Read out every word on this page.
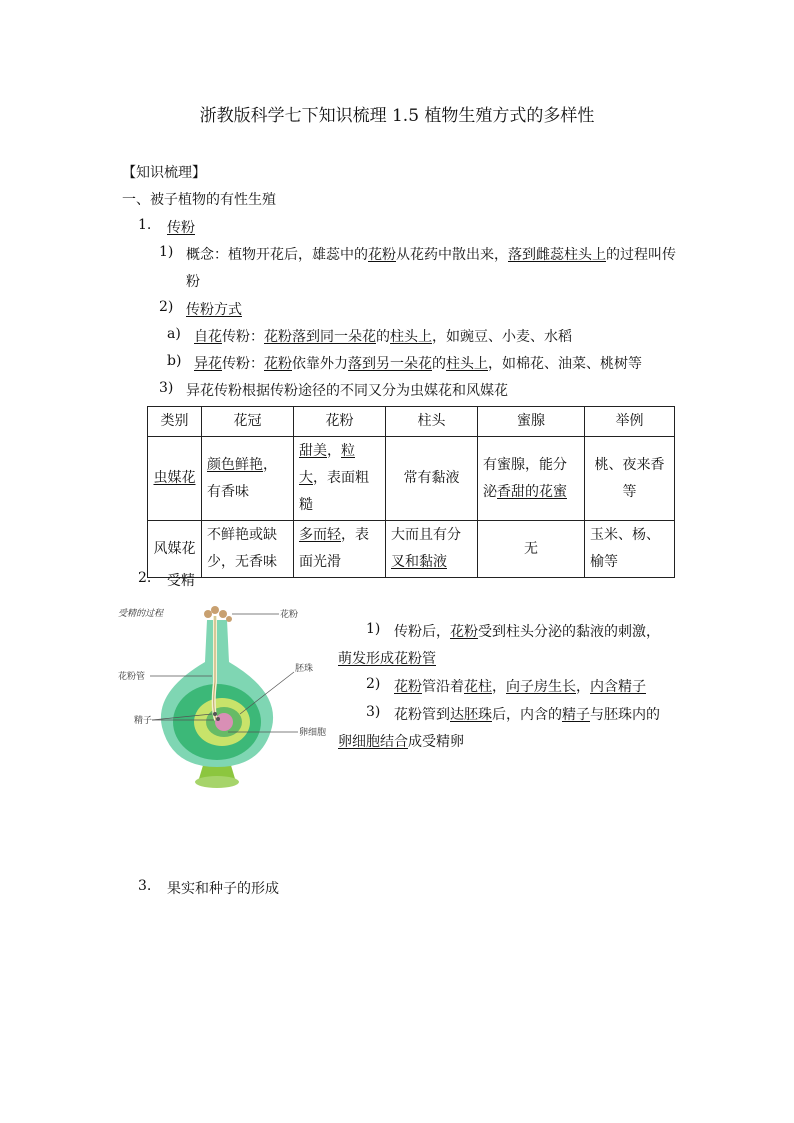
浙教版科学七下知识梳理 1.5 植物生殖方式的多样性
【知识梳理】
一、被子植物的有性生殖
1. 传粉
1) 概念：植物开花后，雄蕊中的花粉从花药中散出来，落到雌蕊柱头上的过程叫传
粉
2) 传粉方式
a) 自花传粉：花粉落到同一朵花的柱头上，如豌豆、小麦、水稻
b) 异花传粉：花粉依靠外力落到另一朵花的柱头上，如棉花、油菜、桃树等
3) 异花传粉根据传粉途径的不同又分为虫媒花和风媒花
类别	花冠	花粉	柱头	蜜腺	举例
虫媒花	颜色鲜艳，有香味	甜美，粒大，表面粗糙	常有黏液	有蜜腺，能分泌香甜的花蜜	桃、夜来香等
风媒花	不鲜艳或缺少，无香味	多而轻，表面光滑	大而且有分叉和黏液	无	玉米、杨、榆等
2. 受精
受精的过程	花粉
花粉管
胚珠
精子
卵细胞
1) 传粉后，花粉受到柱头分泌的黏液的刺激，
萌发形成花粉管
2) 花粉管沿着花柱，向子房生长，内含精子
3) 花粉管到达胚珠后，内含的精子与胚珠内的
卵细胞结合成受精卵
3. 果实和种子的形成
